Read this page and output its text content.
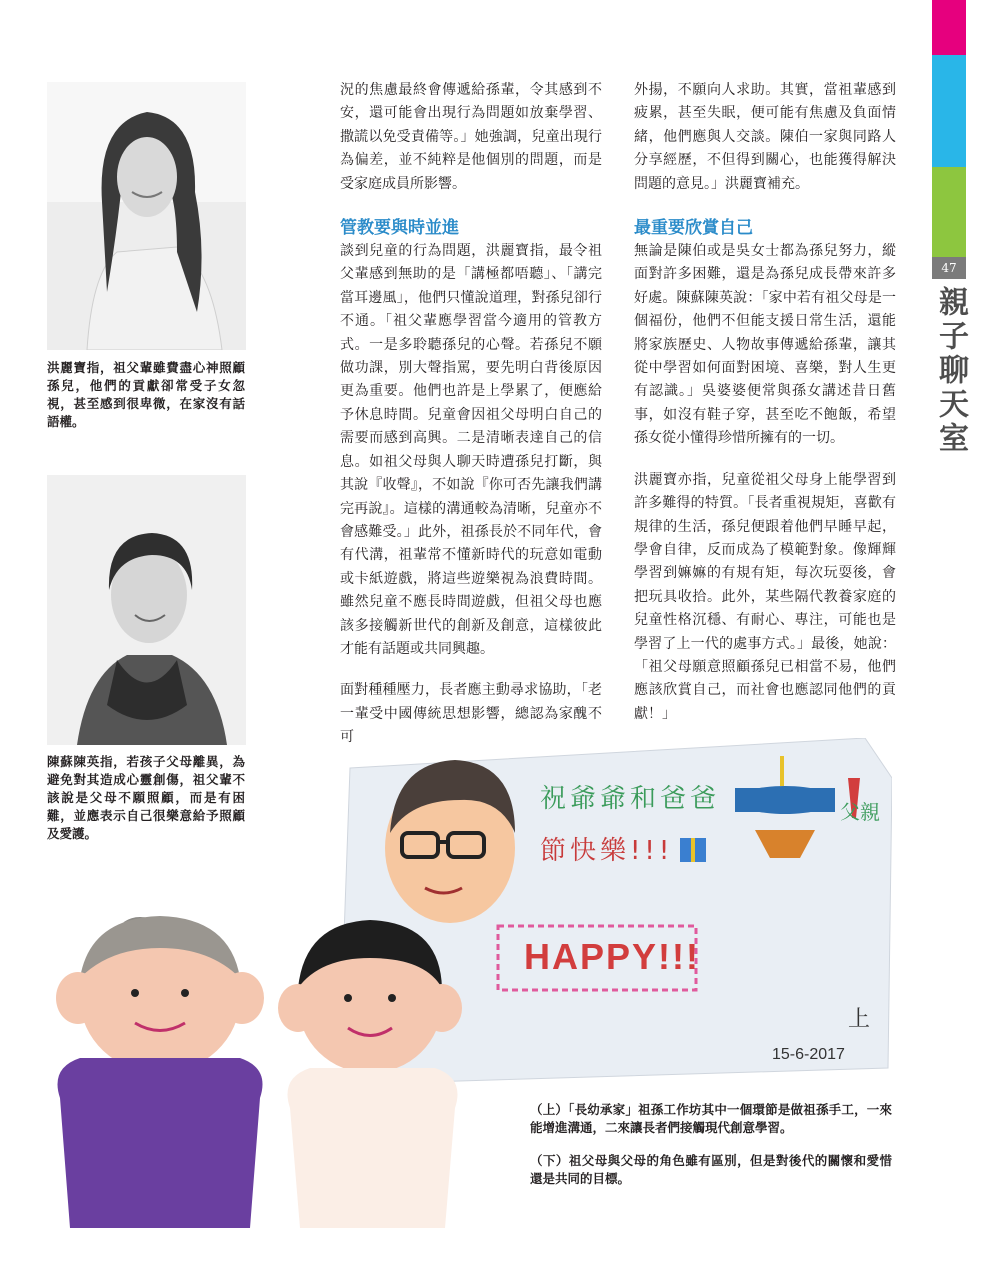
47
親子聊天室

洪麗寶指，祖父輩雖費盡心神照顧孫兒，他們的貢獻卻常受子女忽視，甚至感到很卑微，在家沒有話語權。

陳蘇陳英指，若孩子父母離異，為避免對其造成心靈創傷，祖父輩不該說是父母不願照顧，而是有困難，並應表示自己很樂意給予照顧及愛護。

況的焦慮最終會傳遞給孫輩，令其感到不安，還可能會出現行為問題如放棄學習、撒謊以免受責備等。」她強調，兒童出現行為偏差，並不純粹是他個別的問題，而是受家庭成員所影響。

管教要與時並進

談到兒童的行為問題，洪麗寶指，最令祖父輩感到無助的是「講極都唔聽」、「講完當耳邊風」，他們只懂說道理，對孫兒卻行不通。「祖父輩應學習當今適用的管教方式。一是多聆聽孫兒的心聲。若孫兒不願做功課，別大聲指罵，要先明白背後原因更為重要。他們也許是上學累了，便應給予休息時間。兒童會因祖父母明白自己的需要而感到高興。二是清晰表達自己的信息。如祖父母與人聊天時遭孫兒打斷，與其說『收聲』，不如說『你可否先讓我們講完再說』。這樣的溝通較為清晰，兒童亦不會感難受。」此外，祖孫長於不同年代，會有代溝，祖輩常不懂新時代的玩意如電動或卡紙遊戲，將這些遊樂視為浪費時間。雖然兒童不應長時間遊戲，但祖父母也應該多接觸新世代的創新及創意，這樣彼此才能有話題或共同興趣。

面對種種壓力，長者應主動尋求協助，「老一輩受中國傳統思想影響，總認為家醜不可

外揚，不願向人求助。其實，當祖輩感到疲累，甚至失眠，便可能有焦慮及負面情緒，他們應與人交談。陳伯一家與同路人分享經歷，不但得到關心，也能獲得解決問題的意見。」洪麗寶補充。

最重要欣賞自己

無論是陳伯或是吳女士都為孫兒努力，縱面對許多困難，還是為孫兒成長帶來許多好處。陳蘇陳英說：「家中若有祖父母是一個福份，他們不但能支援日常生活，還能將家族歷史、人物故事傳遞給孫輩，讓其從中學習如何面對困境、喜樂，對人生更有認識。」吳婆婆便常與孫女講述昔日舊事，如沒有鞋子穿，甚至吃不飽飯，希望孫女從小懂得珍惜所擁有的一切。

洪麗寶亦指，兒童從祖父母身上能學習到許多難得的特質。「長者重視規矩，喜歡有規律的生活，孫兒便跟着他們早睡早起，學會自律，反而成為了模範對象。像輝輝學習到嫲嫲的有規有矩，每次玩耍後，會把玩具收拾。此外，某些隔代教養家庭的兒童性格沉穩、有耐心、專注，可能也是學習了上一代的處事方式。」最後，她說：「祖父母願意照顧孫兒已相當不易，他們應該欣賞自己，而社會也應認同他們的貢獻！」

祝爺爺和爸爸	父親
節快樂!!!
HAPPY!!!
上
15-6-2017

（上）「長幼承家」祖孫工作坊其中一個環節是做祖孫手工，一來能增進溝通，二來讓長者們接觸現代創意學習。

（下）祖父母與父母的角色雖有區別，但是對後代的關懷和愛惜還是共同的目標。
